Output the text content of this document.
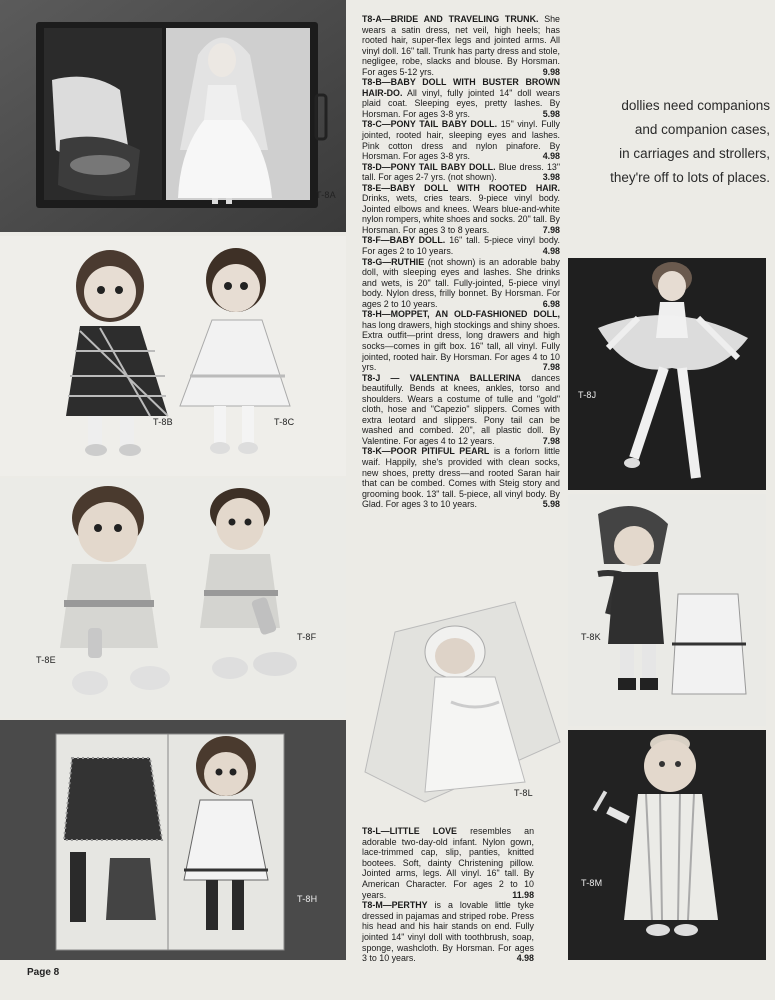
T-8A
T-8B	T-8C
T-8E
T-8F
T-8H
T-8J
T-8K
T-8L
T-8M

T8-A—BRIDE AND TRAVELING TRUNK. She wears a satin dress, net veil, high heels; has rooted hair, super-flex legs and jointed arms. All vinyl doll. 16" tall. Trunk has party dress and stole, negligee, robe, slacks and blouse. By Horsman. For ages 5-12 yrs.	9.98

T8-B—BABY DOLL WITH BUSTER BROWN HAIR-DO. All vinyl, fully jointed 14" doll wears plaid coat. Sleeping eyes, pretty lashes. By Horsman. For ages 3-8 yrs.	5.98

T8-C—PONY TAIL BABY DOLL. 15" vinyl. Fully jointed, rooted hair, sleeping eyes and lashes. Pink cotton dress and nylon pinafore. By Horsman. For ages 3-8 yrs.	4.98

T8-D—PONY TAIL BABY DOLL. Blue dress. 13" tall. For ages 2-7 yrs. (not shown).	3.98

T8-E—BABY DOLL WITH ROOTED HAIR. Drinks, wets, cries tears. 9-piece vinyl body. Jointed elbows and knees. Wears blue-and-white nylon rompers, white shoes and socks. 20" tall. By Horsman. For ages 3 to 8 years.	7.98

T8-F—BABY DOLL. 16" tall. 5-piece vinyl body. For ages 2 to 10 years.	4.98

T8-G—RUTHIE (not shown) is an adorable baby doll, with sleeping eyes and lashes. She drinks and wets, is 20" tall. Fully-jointed, 5-piece vinyl body. Nylon dress, frilly bonnet. By Horsman. For ages 2 to 10 years.	6.98

T8-H—MOPPET, AN OLD-FASHIONED DOLL, has long drawers, high stockings and shiny shoes. Extra outfit—print dress, long drawers and high socks—comes in gift box. 16" tall, all vinyl. Fully jointed, rooted hair. By Horsman. For ages 4 to 10 yrs.	7.98

T8-J — VALENTINA BALLERINA dances beautifully. Bends at knees, ankles, torso and shoulders. Wears a costume of tulle and "gold" cloth, hose and "Capezio" slippers. Comes with extra leotard and slippers. Pony tail can be washed and combed. 20", all plastic doll. By Valentine. For ages 4 to 12 years.	7.98

T8-K—POOR PITIFUL PEARL is a forlorn little waif. Happily, she's provided with clean socks, new shoes, pretty dress—and rooted Saran hair that can be combed. Comes with Steig story and grooming book. 13" tall. 5-piece, all vinyl body. By Glad. For ages 3 to 10 years.	5.98

T8-L—LITTLE LOVE resembles an adorable two-day-old infant. Nylon gown, lace-trimmed cap, slip, panties, knitted bootees. Soft, dainty Christening pillow. Jointed arms, legs. All vinyl. 16" tall. By American Character. For ages 2 to 10 years.	11.98

T8-M—PERTHY is a lovable little tyke dressed in pajamas and striped robe. Press his head and his hair stands on end. Fully jointed 14" vinyl doll with toothbrush, soap, sponge, washcloth. By Horsman. For ages 3 to 10 years.	4.98

dollies need companions
and companion cases,
in carriages and strollers,
they're off to lots of places.
Page 8
